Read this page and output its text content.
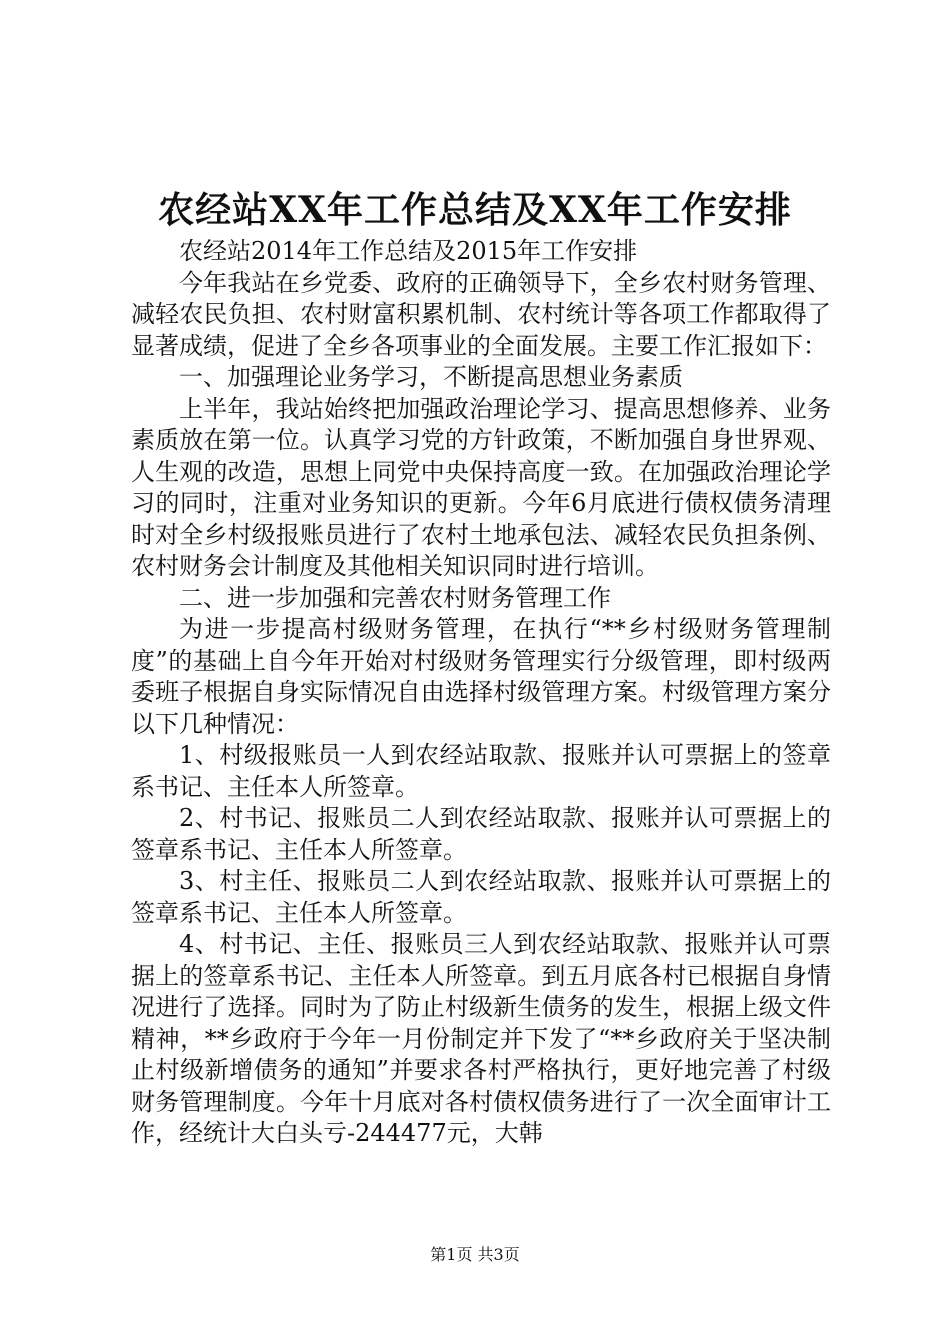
农经站XX年工作总结及XX年工作安排

农经站2014年工作总结及2015年工作安排

今年我站在乡党委、政府的正确领导下，全乡农村财务管理、减轻农民负担、农村财富积累机制、农村统计等各项工作都取得了显著成绩，促进了全乡各项事业的全面发展。主要工作汇报如下：

一、加强理论业务学习，不断提高思想业务素质

上半年，我站始终把加强政治理论学习、提高思想修养、业务素质放在第一位。认真学习党的方针政策，不断加强自身世界观、人生观的改造，思想上同党中央保持高度一致。在加强政治理论学习的同时，注重对业务知识的更新。今年6月底进行债权债务清理时对全乡村级报账员进行了农村土地承包法、减轻农民负担条例、农村财务会计制度及其他相关知识同时进行培训。

二、进一步加强和完善农村财务管理工作

为进一步提高村级财务管理，在执行“**乡村级财务管理制度”的基础上自今年开始对村级财务管理实行分级管理，即村级两委班子根据自身实际情况自由选择村级管理方案。村级管理方案分以下几种情况：

1、村级报账员一人到农经站取款、报账并认可票据上的签章系书记、主任本人所签章。

2、村书记、报账员二人到农经站取款、报账并认可票据上的签章系书记、主任本人所签章。

3、村主任、报账员二人到农经站取款、报账并认可票据上的签章系书记、主任本人所签章。

4、村书记、主任、报账员三人到农经站取款、报账并认可票据上的签章系书记、主任本人所签章。到五月底各村已根据自身情况进行了选择。同时为了防止村级新生债务的发生，根据上级文件精神，**乡政府于今年一月份制定并下发了“**乡政府关于坚决制止村级新增债务的通知”并要求各村严格执行，更好地完善了村级财务管理制度。今年十月底对各村债权债务进行了一次全面审计工作，经统计大白头亏-244477元，大韩

第1页 共3页
